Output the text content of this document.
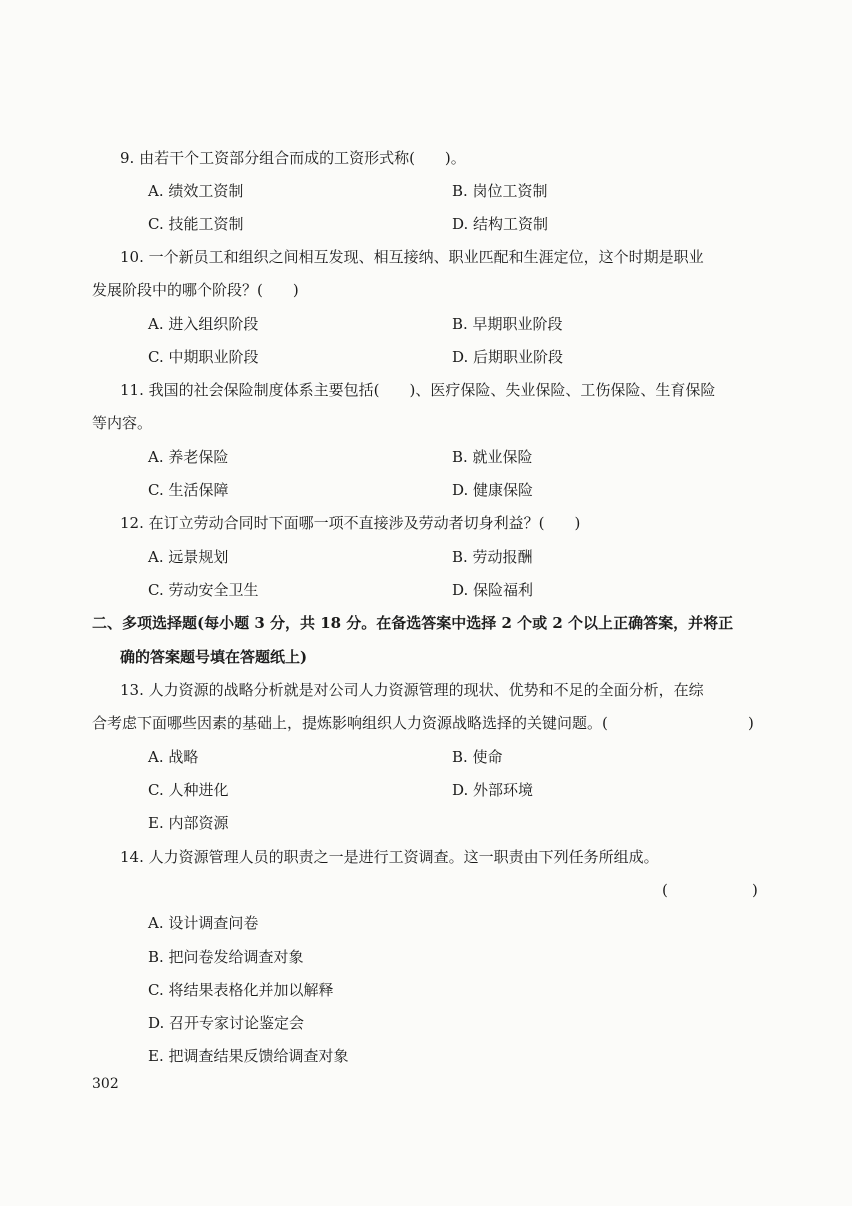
9. 由若干个工资部分组合而成的工资形式称(　　)。
A. 绩效工资制	B. 岗位工资制
C. 技能工资制	D. 结构工资制
10. 一个新员工和组织之间相互发现、相互接纳、职业匹配和生涯定位，这个时期是职业
发展阶段中的哪个阶段？(　　)
A. 进入组织阶段	B. 早期职业阶段
C. 中期职业阶段	D. 后期职业阶段
11. 我国的社会保险制度体系主要包括(　　)、医疗保险、失业保险、工伤保险、生育保险
等内容。
A. 养老保险	B. 就业保险
C. 生活保障	D. 健康保险
12. 在订立劳动合同时下面哪一项不直接涉及劳动者切身利益？(　　)
A. 远景规划	B. 劳动报酬
C. 劳动安全卫生	D. 保险福利
二、多项选择题(每小题 3 分，共 18 分。在备选答案中选择 2 个或 2 个以上正确答案，并将正
确的答案题号填在答题纸上)
13. 人力资源的战略分析就是对公司人力资源管理的现状、优势和不足的全面分析，在综
合考虑下面哪些因素的基础上，提炼影响组织人力资源战略选择的关键问题。(	)
A. 战略	B. 使命
C. 人种进化	D. 外部环境
E. 内部资源
14. 人力资源管理人员的职责之一是进行工资调查。这一职责由下列任务所组成。
(	)
A. 设计调查问卷
B. 把问卷发给调查对象
C. 将结果表格化并加以解释
D. 召开专家讨论鉴定会
E. 把调查结果反馈给调查对象
302
